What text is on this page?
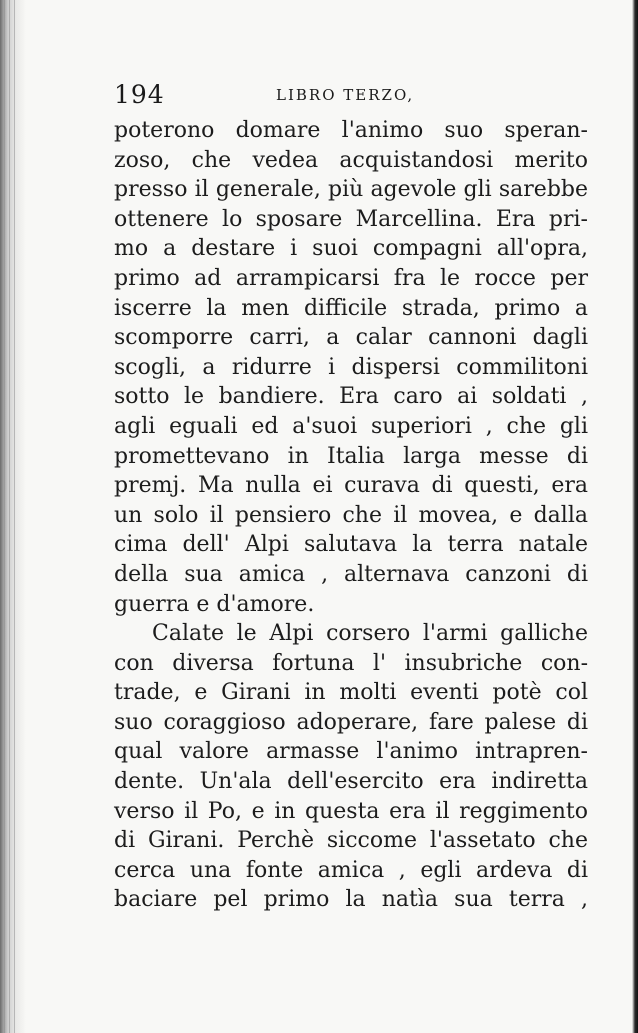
194	LIBRO TERZO,
poterono domare l'animo suo speran-
zoso, che vedea acquistandosi merito
presso il generale, più agevole gli sarebbe
ottenere lo sposare Marcellina. Era pri-
mo a destare i suoi compagni all'opra,
primo ad arrampicarsi fra le rocce per
iscerre la men difficile strada, primo a
scomporre carri, a calar cannoni dagli
scogli, a ridurre i dispersi commilitoni
sotto le bandiere. Era caro ai soldati ,
agli eguali ed a'suoi superiori , che gli
promettevano in Italia larga messe di
premj. Ma nulla ei curava di questi, era
un solo il pensiero che il movea, e dalla
cima dell' Alpi salutava la terra natale
della sua amica , alternava canzoni di
guerra e d'amore.
Calate le Alpi corsero l'armi galliche
con diversa fortuna l' insubriche con-
trade, e Girani in molti eventi potè col
suo coraggioso adoperare, fare palese di
qual valore armasse l'animo intrapren-
dente. Un'ala dell'esercito era indiretta
verso il Po, e in questa era il reggimento
di Girani. Perchè siccome l'assetato che
cerca una fonte amica , egli ardeva di
baciare pel primo la natìa sua terra ,
